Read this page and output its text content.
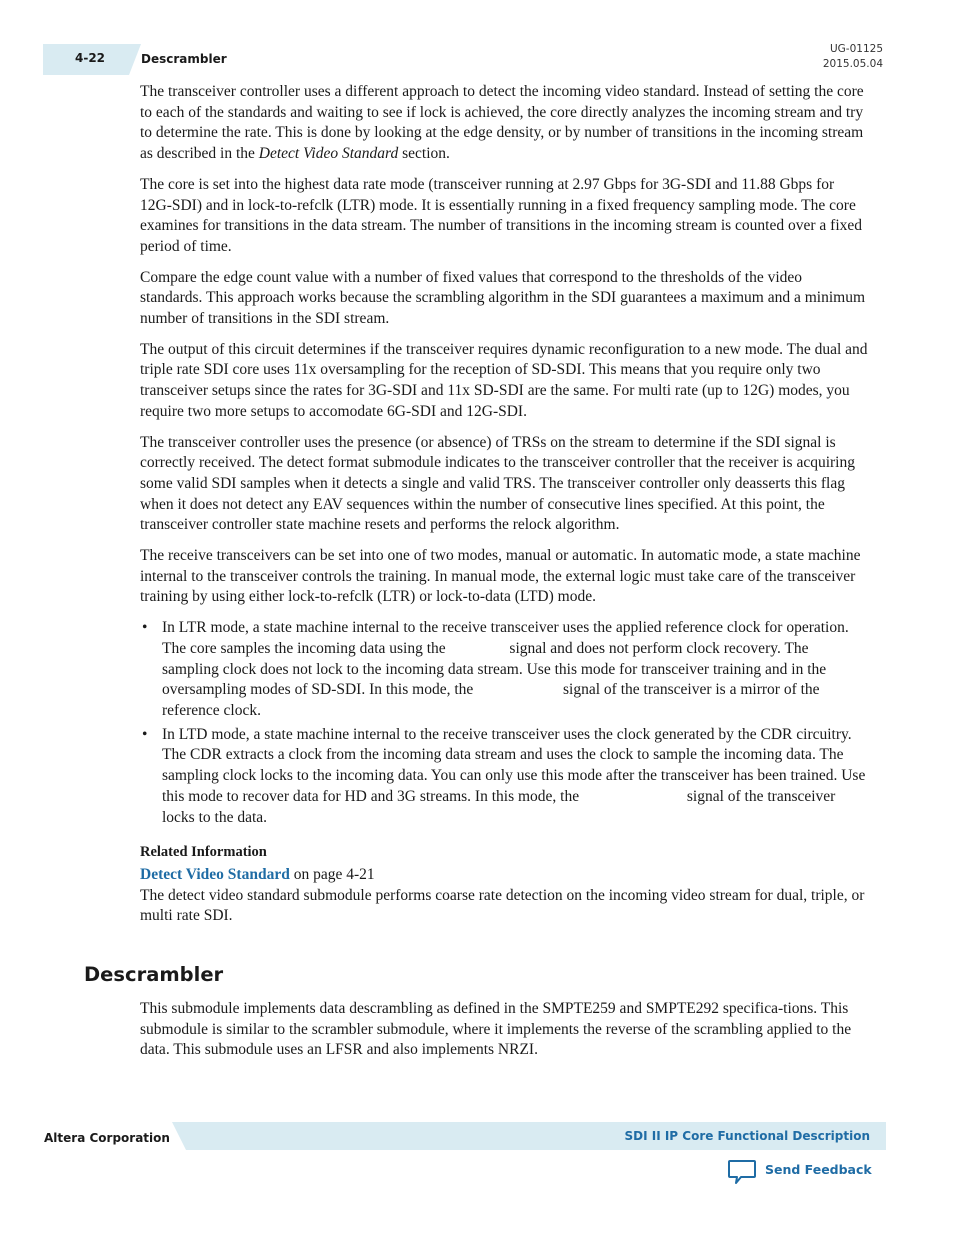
4-22	Descrambler
UG-01125
2015.05.04

The transceiver controller uses a different approach to detect the incoming video standard. Instead of setting the core to each of the standards and waiting to see if lock is achieved, the core directly analyzes the incoming stream and try to determine the rate. This is done by looking at the edge density, or by number of transitions in the incoming stream as described in the Detect Video Standard section.

The core is set into the highest data rate mode (transceiver running at 2.97 Gbps for 3G-SDI and 11.88 Gbps for 12G-SDI) and in lock-to-refclk (LTR) mode. It is essentially running in a fixed frequency sampling mode. The core examines for transitions in the data stream. The number of transitions in the incoming stream is counted over a fixed period of time.

Compare the edge count value with a number of fixed values that correspond to the thresholds of the video standards. This approach works because the scrambling algorithm in the SDI guarantees a maximum and a minimum number of transitions in the SDI stream.

The output of this circuit determines if the transceiver requires dynamic reconfiguration to a new mode. The dual and triple rate SDI core uses 11x oversampling for the reception of SD-SDI. This means that you require only two transceiver setups since the rates for 3G-SDI and 11x SD-SDI are the same. For multi rate (up to 12G) modes, you require two more setups to accomodate 6G-SDI and 12G-SDI.

The transceiver controller uses the presence (or absence) of TRSs on the stream to determine if the SDI signal is correctly received. The detect format submodule indicates to the transceiver controller that the receiver is acquiring some valid SDI samples when it detects a single and valid TRS. The transceiver controller only deasserts this flag when it does not detect any EAV sequences within the number of consecutive lines specified. At this point, the transceiver controller state machine resets and performs the relock algorithm.

The receive transceivers can be set into one of two modes, manual or automatic. In automatic mode, a state machine internal to the transceiver controls the training. In manual mode, the external logic must take care of the transceiver training by using either lock-to-refclk (LTR) or lock-to-data (LTD) mode.

• In LTR mode, a state machine internal to the receive transceiver uses the applied reference clock for operation. The core samples the incoming data using the	signal and does not perform clock recovery. The sampling clock does not lock to the incoming data stream. Use this mode for transceiver training and in the oversampling modes of SD-SDI. In this mode, the	signal of the transceiver is a mirror of the reference clock.
• In LTD mode, a state machine internal to the receive transceiver uses the clock generated by the CDR circuitry. The CDR extracts a clock from the incoming data stream and uses the clock to sample the incoming data. The sampling clock locks to the incoming data. You can only use this mode after the transceiver has been trained. Use this mode to recover data for HD and 3G streams. In this mode, the	signal of the transceiver locks to the data.
Related Information
Detect Video Standard on page 4-21

The detect video standard submodule performs coarse rate detection on the incoming video stream for dual, triple, or multi rate SDI.

Descrambler

This submodule implements data descrambling as defined in the SMPTE259 and SMPTE292 specifica-tions. This submodule is similar to the scrambler submodule, where it implements the reverse of the scrambling applied to the data. This submodule uses an LFSR and also implements NRZI.

Altera Corporation	SDI II IP Core Functional Description
Send Feedback
